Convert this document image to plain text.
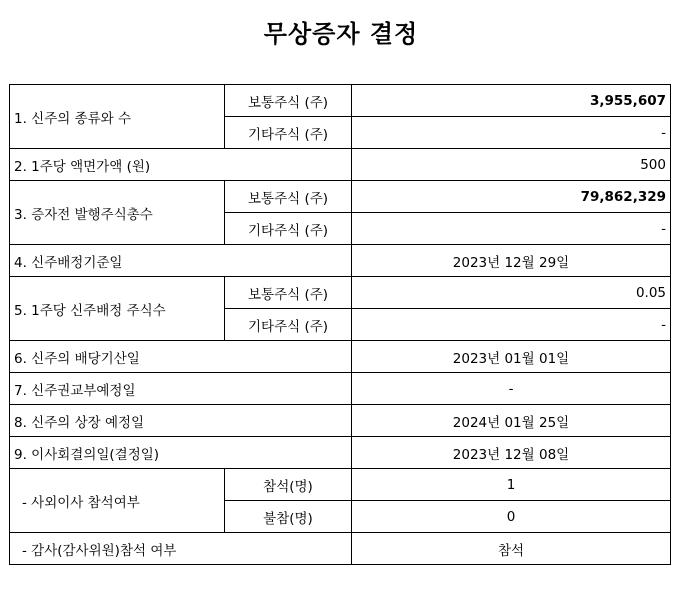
무상증자 결정
1. 신주의 종류와 수	보통주식 (주)	3,955,607
	기타주식 (주)	-
2. 1주당 액면가액 (원)		500
3. 증자전 발행주식총수	보통주식 (주)	79,862,329
	기타주식 (주)	-
4. 신주배정기준일		2023년 12월 29일
5. 1주당 신주배정 주식수	보통주식 (주)	0.05
	기타주식 (주)	-
6. 신주의 배당기산일		2023년 01월 01일
7. 신주권교부예정일		-
8. 신주의 상장 예정일		2024년 01월 25일
9. 이사회결의일(결정일)		2023년 12월 08일
- 사외이사 참석여부	참석(명)	1
	불참(명)	0
- 감사(감사위원)참석 여부		참석
